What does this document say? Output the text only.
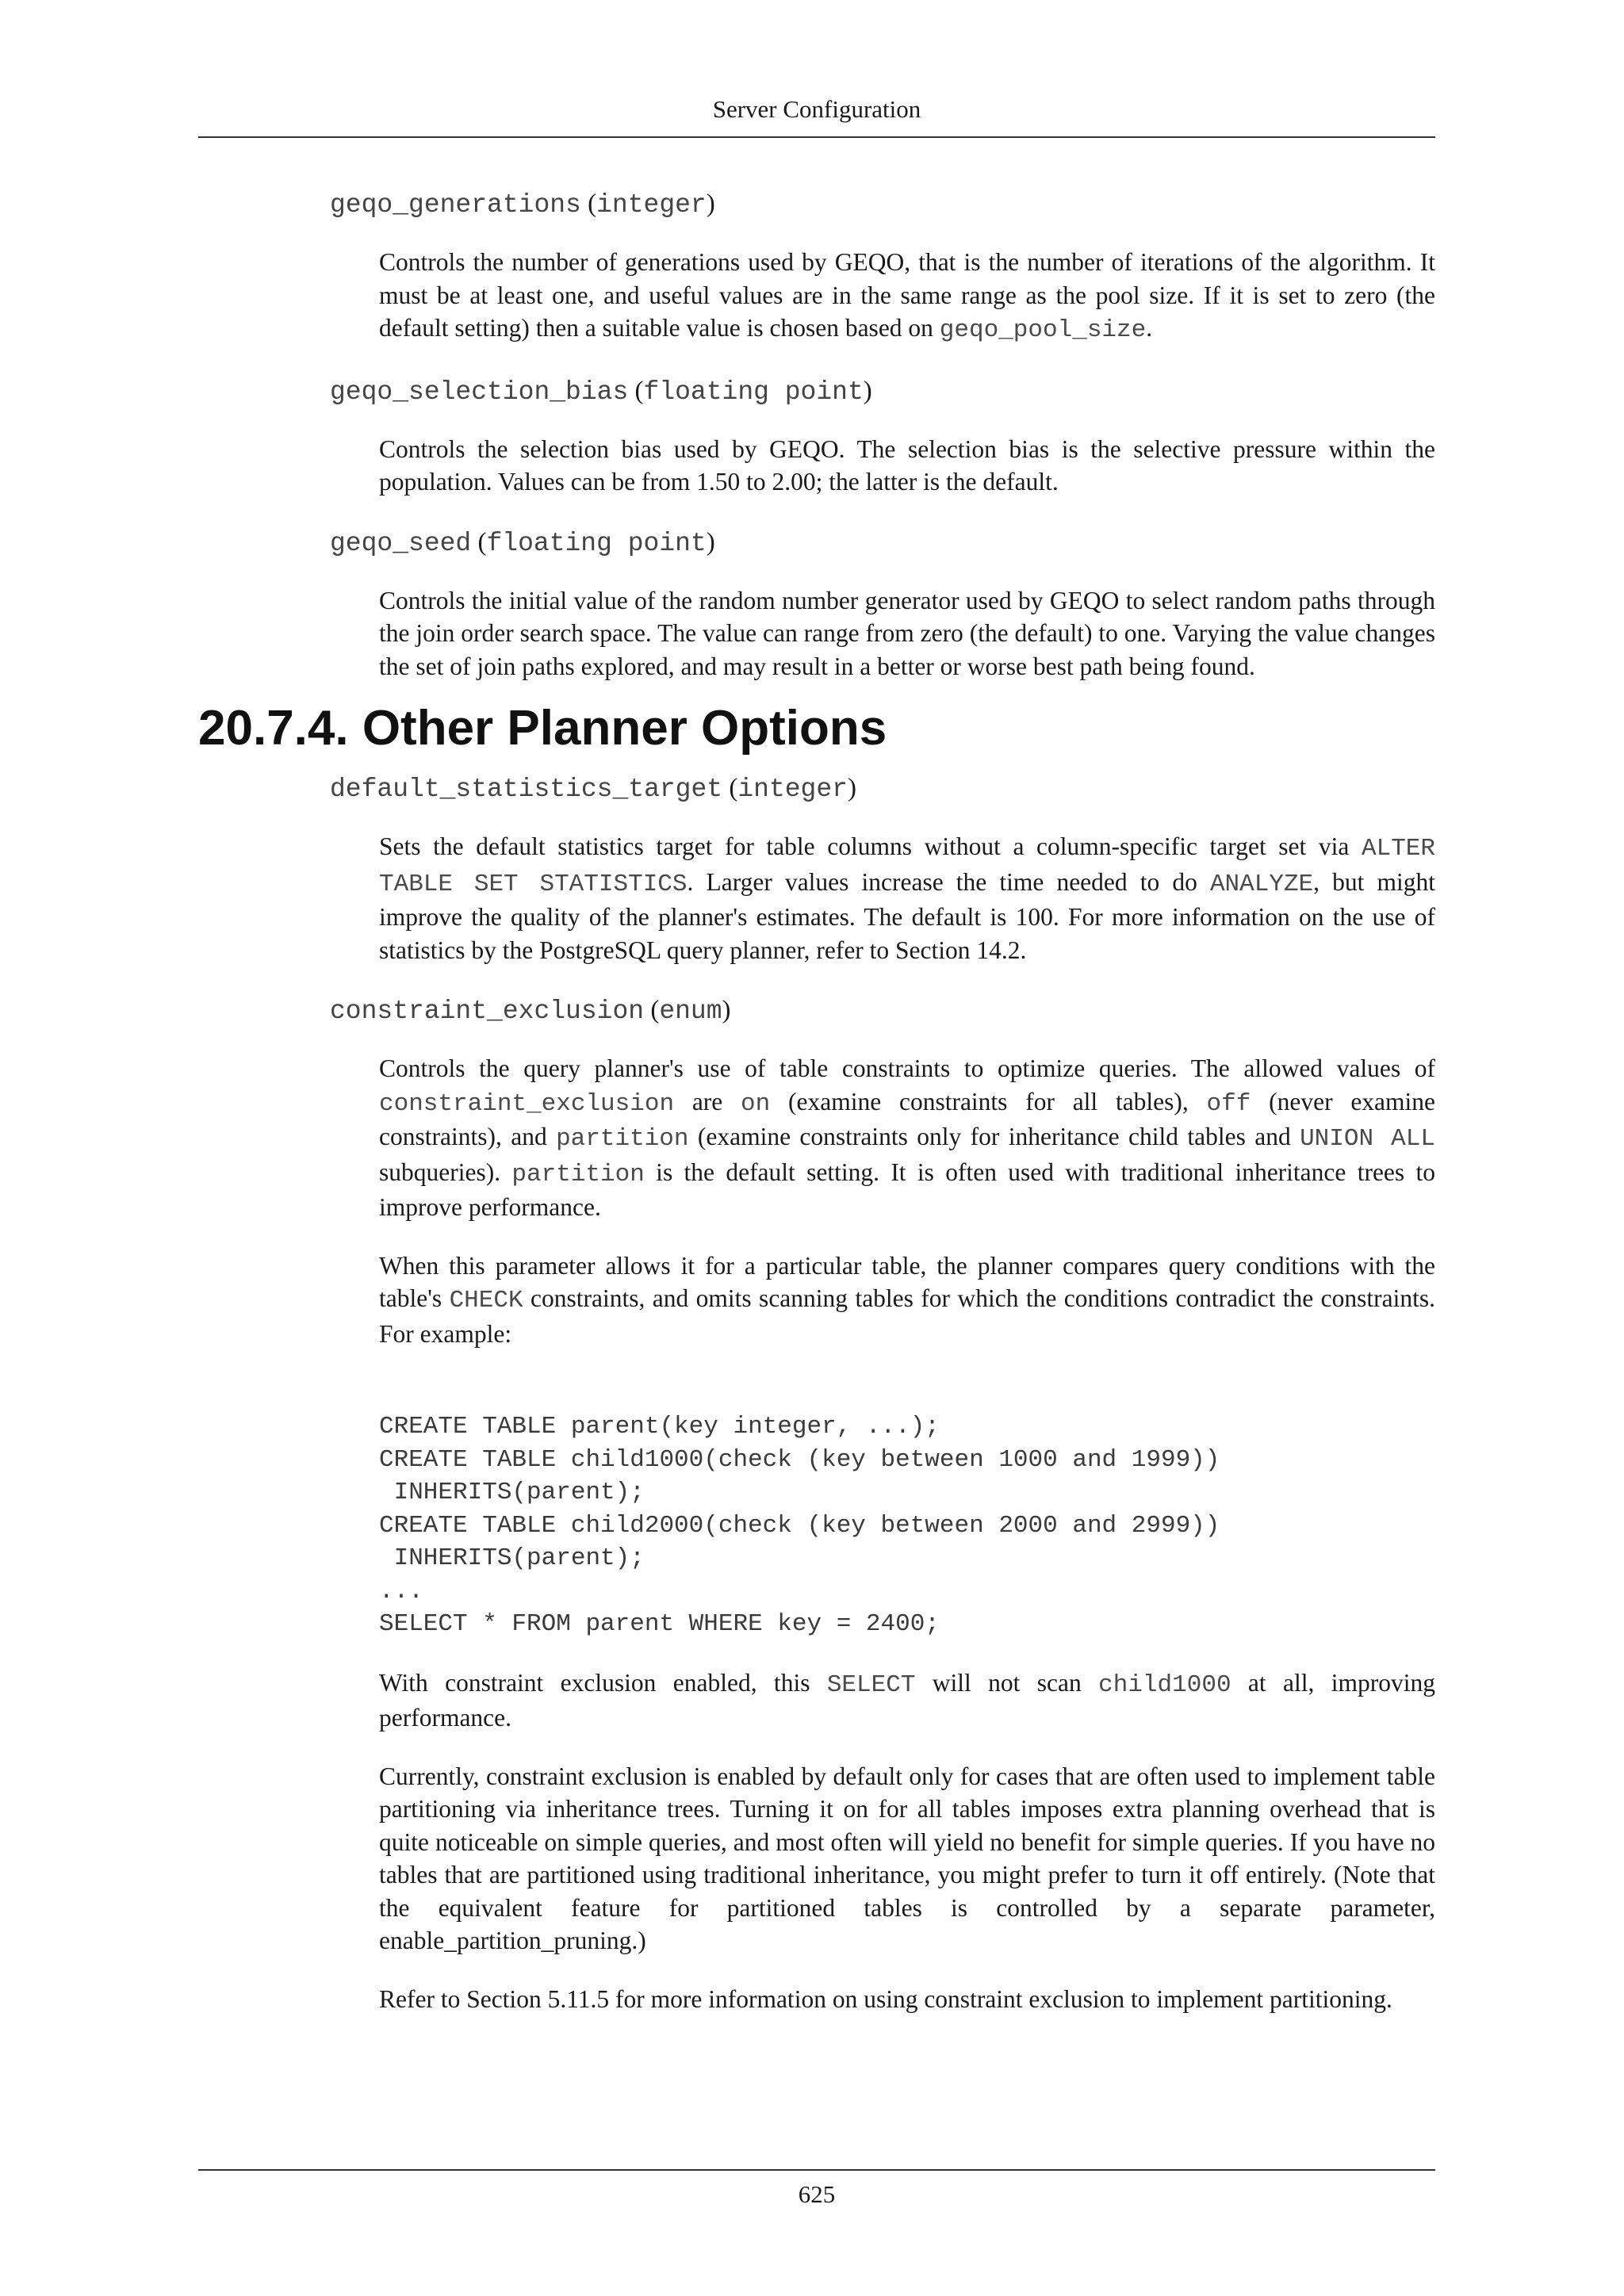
Server Configuration
geqo_generations (integer)
Controls the number of generations used by GEQO, that is the number of iterations of the algorithm. It must be at least one, and useful values are in the same range as the pool size. If it is set to zero (the default setting) then a suitable value is chosen based on geqo_pool_size.
geqo_selection_bias (floating point)
Controls the selection bias used by GEQO. The selection bias is the selective pressure within the population. Values can be from 1.50 to 2.00; the latter is the default.
geqo_seed (floating point)
Controls the initial value of the random number generator used by GEQO to select random paths through the join order search space. The value can range from zero (the default) to one. Varying the value changes the set of join paths explored, and may result in a better or worse best path being found.
20.7.4. Other Planner Options
default_statistics_target (integer)
Sets the default statistics target for table columns without a column-specific target set via ALTER TABLE SET STATISTICS. Larger values increase the time needed to do ANALYZE, but might improve the quality of the planner's estimates. The default is 100. For more information on the use of statistics by the PostgreSQL query planner, refer to Section 14.2.
constraint_exclusion (enum)
Controls the query planner's use of table constraints to optimize queries. The allowed values of constraint_exclusion are on (examine constraints for all tables), off (never examine constraints), and partition (examine constraints only for inheritance child tables and UNION ALL subqueries). partition is the default setting. It is often used with traditional inheritance trees to improve performance.
When this parameter allows it for a particular table, the planner compares query conditions with the table's CHECK constraints, and omits scanning tables for which the conditions contradict the constraints. For example:
CREATE TABLE parent(key integer, ...);
CREATE TABLE child1000(check (key between 1000 and 1999))
INHERITS(parent);
CREATE TABLE child2000(check (key between 2000 and 2999))
INHERITS(parent);
...
SELECT * FROM parent WHERE key = 2400;
With constraint exclusion enabled, this SELECT will not scan child1000 at all, improving performance.
Currently, constraint exclusion is enabled by default only for cases that are often used to implement table partitioning via inheritance trees. Turning it on for all tables imposes extra planning overhead that is quite noticeable on simple queries, and most often will yield no benefit for simple queries. If you have no tables that are partitioned using traditional inheritance, you might prefer to turn it off entirely. (Note that the equivalent feature for partitioned tables is controlled by a separate parameter, enable_partition_pruning.)
Refer to Section 5.11.5 for more information on using constraint exclusion to implement partitioning.
625
